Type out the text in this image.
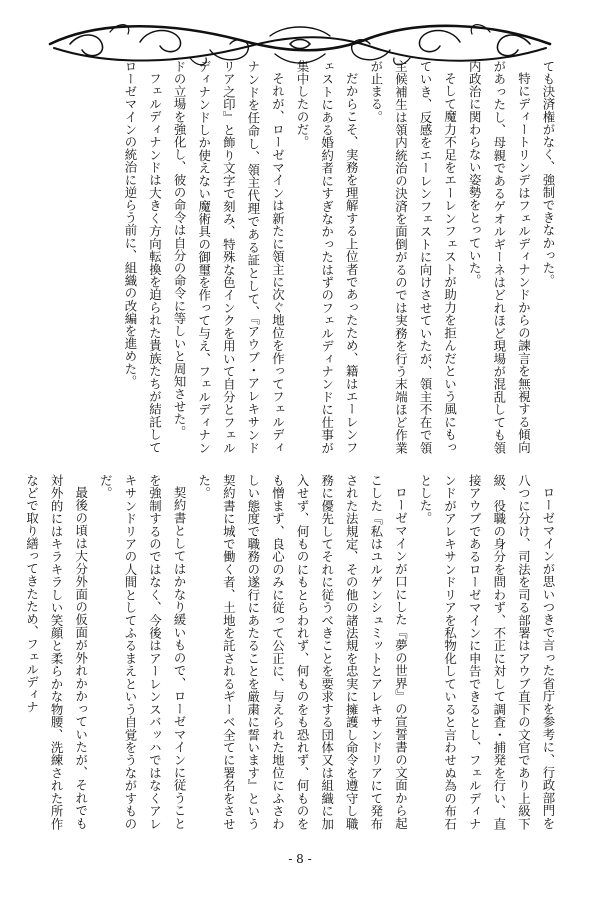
ても決済権がなく、強制できなかった。

特にディートリンデはフェルディナンドからの諫言を無視する傾向があったし、母親であるゲオルギーネはどれほど現場が混乱しても領内政治に関わらない姿勢をとっていた。

そして魔力不足をエーレンフェストが助力を拒んだという風にもっていき、反感をエーレンフェストに向けさせていたが、領主不在で領主候補生は領内統治の決済を面倒がるのでは実務を行う末端ほど作業が止まる。

だからこそ、実務を理解する上位者であったため、籍はエーレンフェストにある婚約者にすぎなかったはずのフェルディナンドに仕事が集中したのだ。

それが、ローゼマインは新たに領主に次ぐ地位を作ってフェルディナンドを任命し、領主代理である証として、『アウブ・アレキサンドリア之印』と飾り文字で刻み、特殊な色インクを用いて自分とフェルディナンドしか使えない魔術具の御璽を作って与え、フェルディナンドの立場を強化し、彼の命令は自分の命令に等しいと周知させた。

フェルディナンドは大きく方向転換を迫られた貴族たちが結託してローゼマインの統治に逆らう前に、組織の改編を進めた。

ローゼマインが思いつきで言った省庁を参考に、行政部門を八つに分け、司法を司る部署はアウブ直下の文官であり上級下級、役職の身分を問わず、不正に対して調査・捕発を行い、直接アウブであるローゼマインに申告できるとし、フェルディナンドがアレキサンドリアを私物化していると言わせぬ為の布石とした。

ローゼマインが口にした『夢の世界』の宣誓書の文面から起こした『私はユルゲンシュミットとアレキサンドリアにて発布された法規定、その他の諸法規を忠実に擁護し命令を遵守し職務に優先してそれに従うべきことを要求する団体又は組織に加入せず、何ものにもとらわれず、何ものをも恐れず、何ものをも憎まず、良心のみに従って公正に、与えられた地位にふさわしい態度で職務の遂行にあたることを厳粛に誓います』という契約書に城で働く者、土地を託されるギーベ全てに署名をさせた。

契約書としてはかなり緩いもので、ローゼマインに従うことを強制するのではなく、今後はアーレンスバッハではなくアレキサンドリアの人間としてふるまえという自覚をうながすものだ。

最後の頃は大分外面の仮面が外れかかっていたが、それでも対外的にはキラキラしい笑顔と柔らかな物腰、洗練された所作などで取り繕ってきたため、フェルディナ

- 8 -
